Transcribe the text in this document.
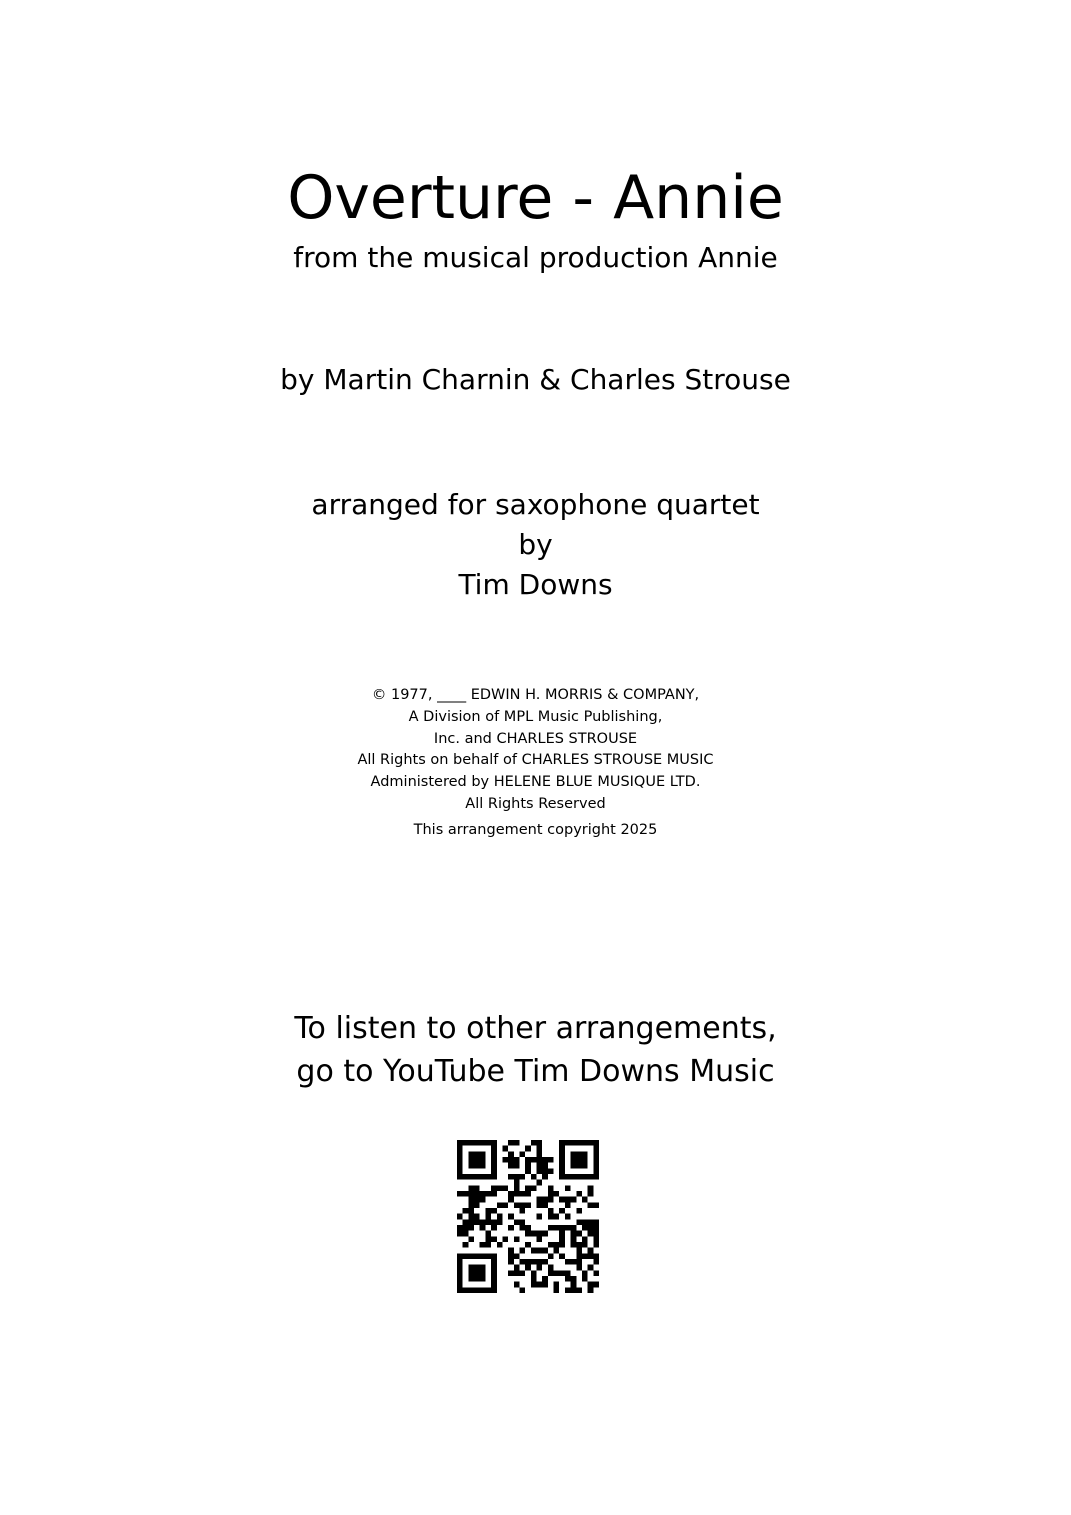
Overture - Annie
from the musical production Annie
by Martin Charnin & Charles Strouse
arranged for saxophone quartet
by
Tim Downs
© 1977, ____ EDWIN H. MORRIS & COMPANY,
A Division of MPL Music Publishing,
Inc. and CHARLES STROUSE
All Rights on behalf of CHARLES STROUSE MUSIC
Administered by HELENE BLUE MUSIQUE LTD.
All Rights Reserved
This arrangement copyright 2025
To listen to other arrangements,
go to YouTube Tim Downs Music
